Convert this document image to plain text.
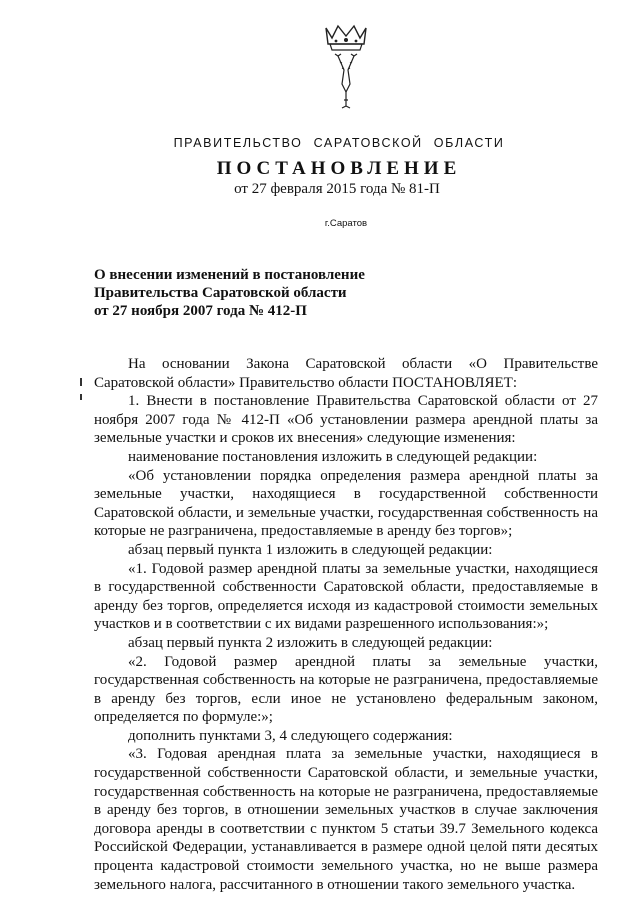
ПРАВИТЕЛЬСТВО САРАТОВСКОЙ ОБЛАСТИ
ПОСТАНОВЛЕНИЕ
от 27 февраля 2015 года № 81-П
г.Саратов
О внесении изменений в постановление
Правительства Саратовской области
от 27 ноября 2007 года № 412-П

На основании Закона Саратовской области «О Правительстве Саратовской области» Правительство области ПОСТАНОВЛЯЕТ:

1. Внести в постановление Правительства Саратовской области от 27 ноября 2007 года № 412-П «Об установлении размера арендной платы за земельные участки и сроков их внесения» следующие изменения:

наименование постановления изложить в следующей редакции:

«Об установлении порядка определения размера арендной платы за земельные участки, находящиеся в государственной собственности Саратовской области, и земельные участки, государственная собственность на которые не разграничена, предоставляемые в аренду без торгов»;

абзац первый пункта 1 изложить в следующей редакции:

«1. Годовой размер арендной платы за земельные участки, находящиеся в государственной собственности Саратовской области, предоставляемые в аренду без торгов, определяется исходя из кадастровой стоимости земельных участков и в соответствии с их видами разрешенного использования:»;

абзац первый пункта 2 изложить в следующей редакции:

«2. Годовой размер арендной платы за земельные участки, государственная собственность на которые не разграничена, предоставляемые в аренду без торгов, если иное не установлено федеральным законом, определяется по формуле:»;

дополнить пунктами 3, 4 следующего содержания:

«3. Годовая арендная плата за земельные участки, находящиеся в государственной собственности Саратовской области, и земельные участки, государственная собственность на которые не разграничена, предоставляемые в аренду без торгов, в отношении земельных участков в случае заключения договора аренды в соответствии с пунктом 5 статьи 39.7 Земельного кодекса Российской Федерации, устанавливается в размере одной целой пяти десятых процента кадастровой стоимости земельного участка, но не выше размера земельного налога, рассчитанного в отношении такого земельного участка.
